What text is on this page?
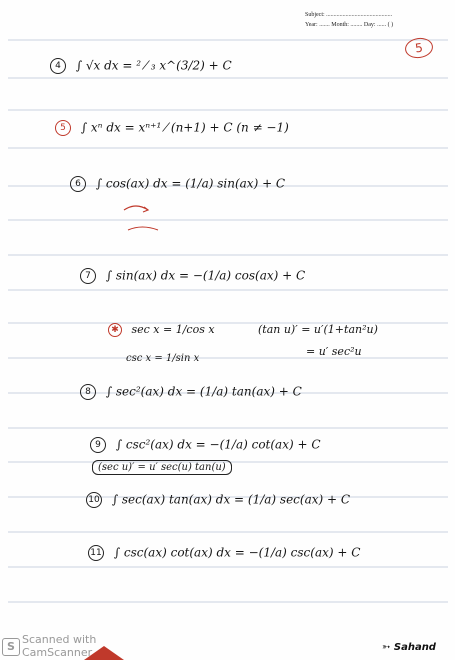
Subject: ............................................
Year: ....... Month: ........ Day: ...... ( )
5
4 ∫ √x dx = ² ⁄ ₃ x^(3/2) + C
5 ∫ xⁿ dx = xⁿ⁺¹ ⁄ (n+1) + C (n ≠ −1)
6 ∫ cos(ax) dx = (1/a) sin(ax) + C
7 ∫ sin(ax) dx = −(1/a) cos(ax) + C
✱ sec x = 1/cos x	(tan u)′ = u′(1+tan²u)
= u′ sec²u
csc x = 1/sin x
8 ∫ sec²(ax) dx = (1/a) tan(ax) + C
9 ∫ csc²(ax) dx = −(1/a) cot(ax) + C
(sec u)′ = u′ sec(u) tan(u)
10 ∫ sec(ax) tan(ax) dx = (1/a) sec(ax) + C
11 ∫ csc(ax) cot(ax) dx = −(1/a) csc(ax) + C
S
Scanned with
CamScanner	➳ Sahand
